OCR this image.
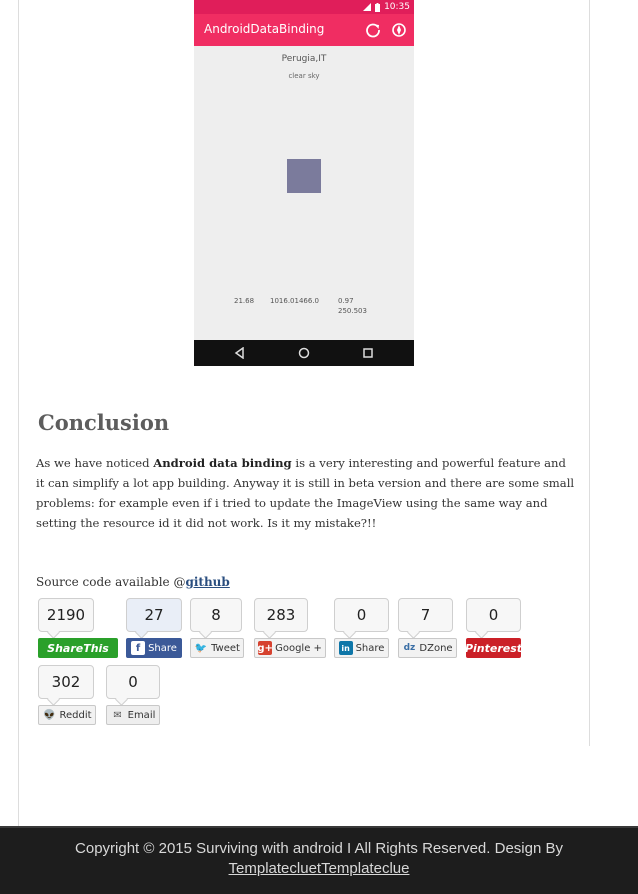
10:35
AndroidDataBinding
Perugia,IT
clear sky
21.68 1016.01466.0	0.97
250.503
Conclusion

As we have noticed Android data binding is a very interesting and powerful feature and it can simplify a lot app building. Anyway it is still in beta version and there are some small problems: for example even if i tried to update the ImageView using the same way and setting the resource id it did not work. Is it my mistake?!!

Source code available @github

2190
ShareThis
27
f Share
8
🐦 Tweet
283
g+ Google +
0
in Share
7
dz DZone
0
Pinterest
302
👽 Reddit
0
✉ Email
Copyright © 2015 Surviving with android I All Rights Reserved. Design By
TemplatecluetTemplateclue
